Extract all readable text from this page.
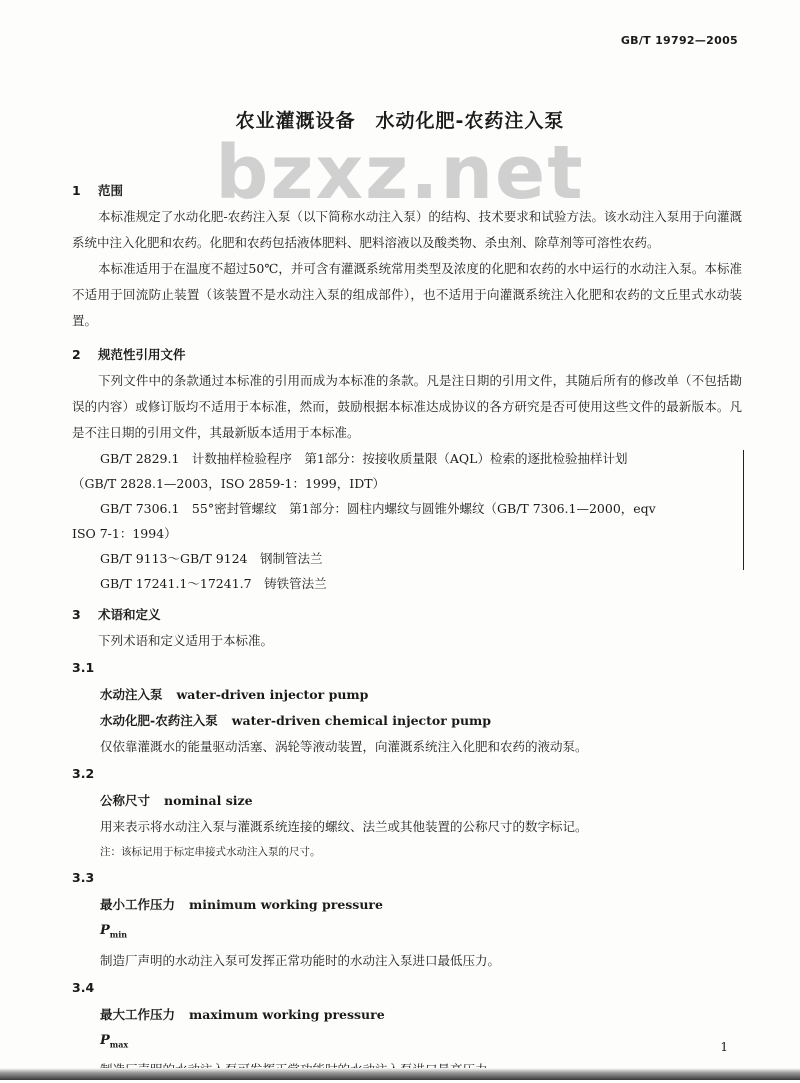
GB/T 19792—2005
bzxz.net
农业灌溉设备　水动化肥-农药注入泵
1 范围

本标准规定了水动化肥-农药注入泵（以下简称水动注入泵）的结构、技术要求和试验方法。该水动注入泵用于向灌溉系统中注入化肥和农药。化肥和农药包括液体肥料、肥料溶液以及酸类物、杀虫剂、除草剂等可溶性农药。

本标准适用于在温度不超过50℃，并可含有灌溉系统常用类型及浓度的化肥和农药的水中运行的水动注入泵。本标准不适用于回流防止装置（该装置不是水动注入泵的组成部件），也不适用于向灌溉系统注入化肥和农药的文丘里式水动装置。

2 规范性引用文件

下列文件中的条款通过本标准的引用而成为本标准的条款。凡是注日期的引用文件，其随后所有的修改单（不包括勘误的内容）或修订版均不适用于本标准，然而，鼓励根据本标准达成协议的各方研究是否可使用这些文件的最新版本。凡是不注日期的引用文件，其最新版本适用于本标准。

GB/T 2829.1　计数抽样检验程序　第1部分：按接收质量限（AQL）检索的逐批检验抽样计划

（GB/T 2828.1—2003，ISO 2859-1：1999，IDT）

GB/T 7306.1　55°密封管螺纹　第1部分：圆柱内螺纹与圆锥外螺纹（GB/T 7306.1—2000，eqv

ISO 7-1：1994）

GB/T 9113～GB/T 9124　钢制管法兰

GB/T 17241.1～17241.7　铸铁管法兰

3 术语和定义

下列术语和定义适用于本标准。

3.1

水动注入泵 water-driven injector pump

水动化肥-农药注入泵 water-driven chemical injector pump

仅依靠灌溉水的能量驱动活塞、涡轮等液动装置，向灌溉系统注入化肥和农药的液动泵。

3.2

公称尺寸 nominal size

用来表示将水动注入泵与灌溉系统连接的螺纹、法兰或其他装置的公称尺寸的数字标记。

注：该标记用于标定串接式水动注入泵的尺寸。

3.3

最小工作压力 minimum working pressure

$P_{min}$

制造厂声明的水动注入泵可发挥正常功能时的水动注入泵进口最低压力。

3.4

最大工作压力 maximum working pressure

$P_{max}$	1
